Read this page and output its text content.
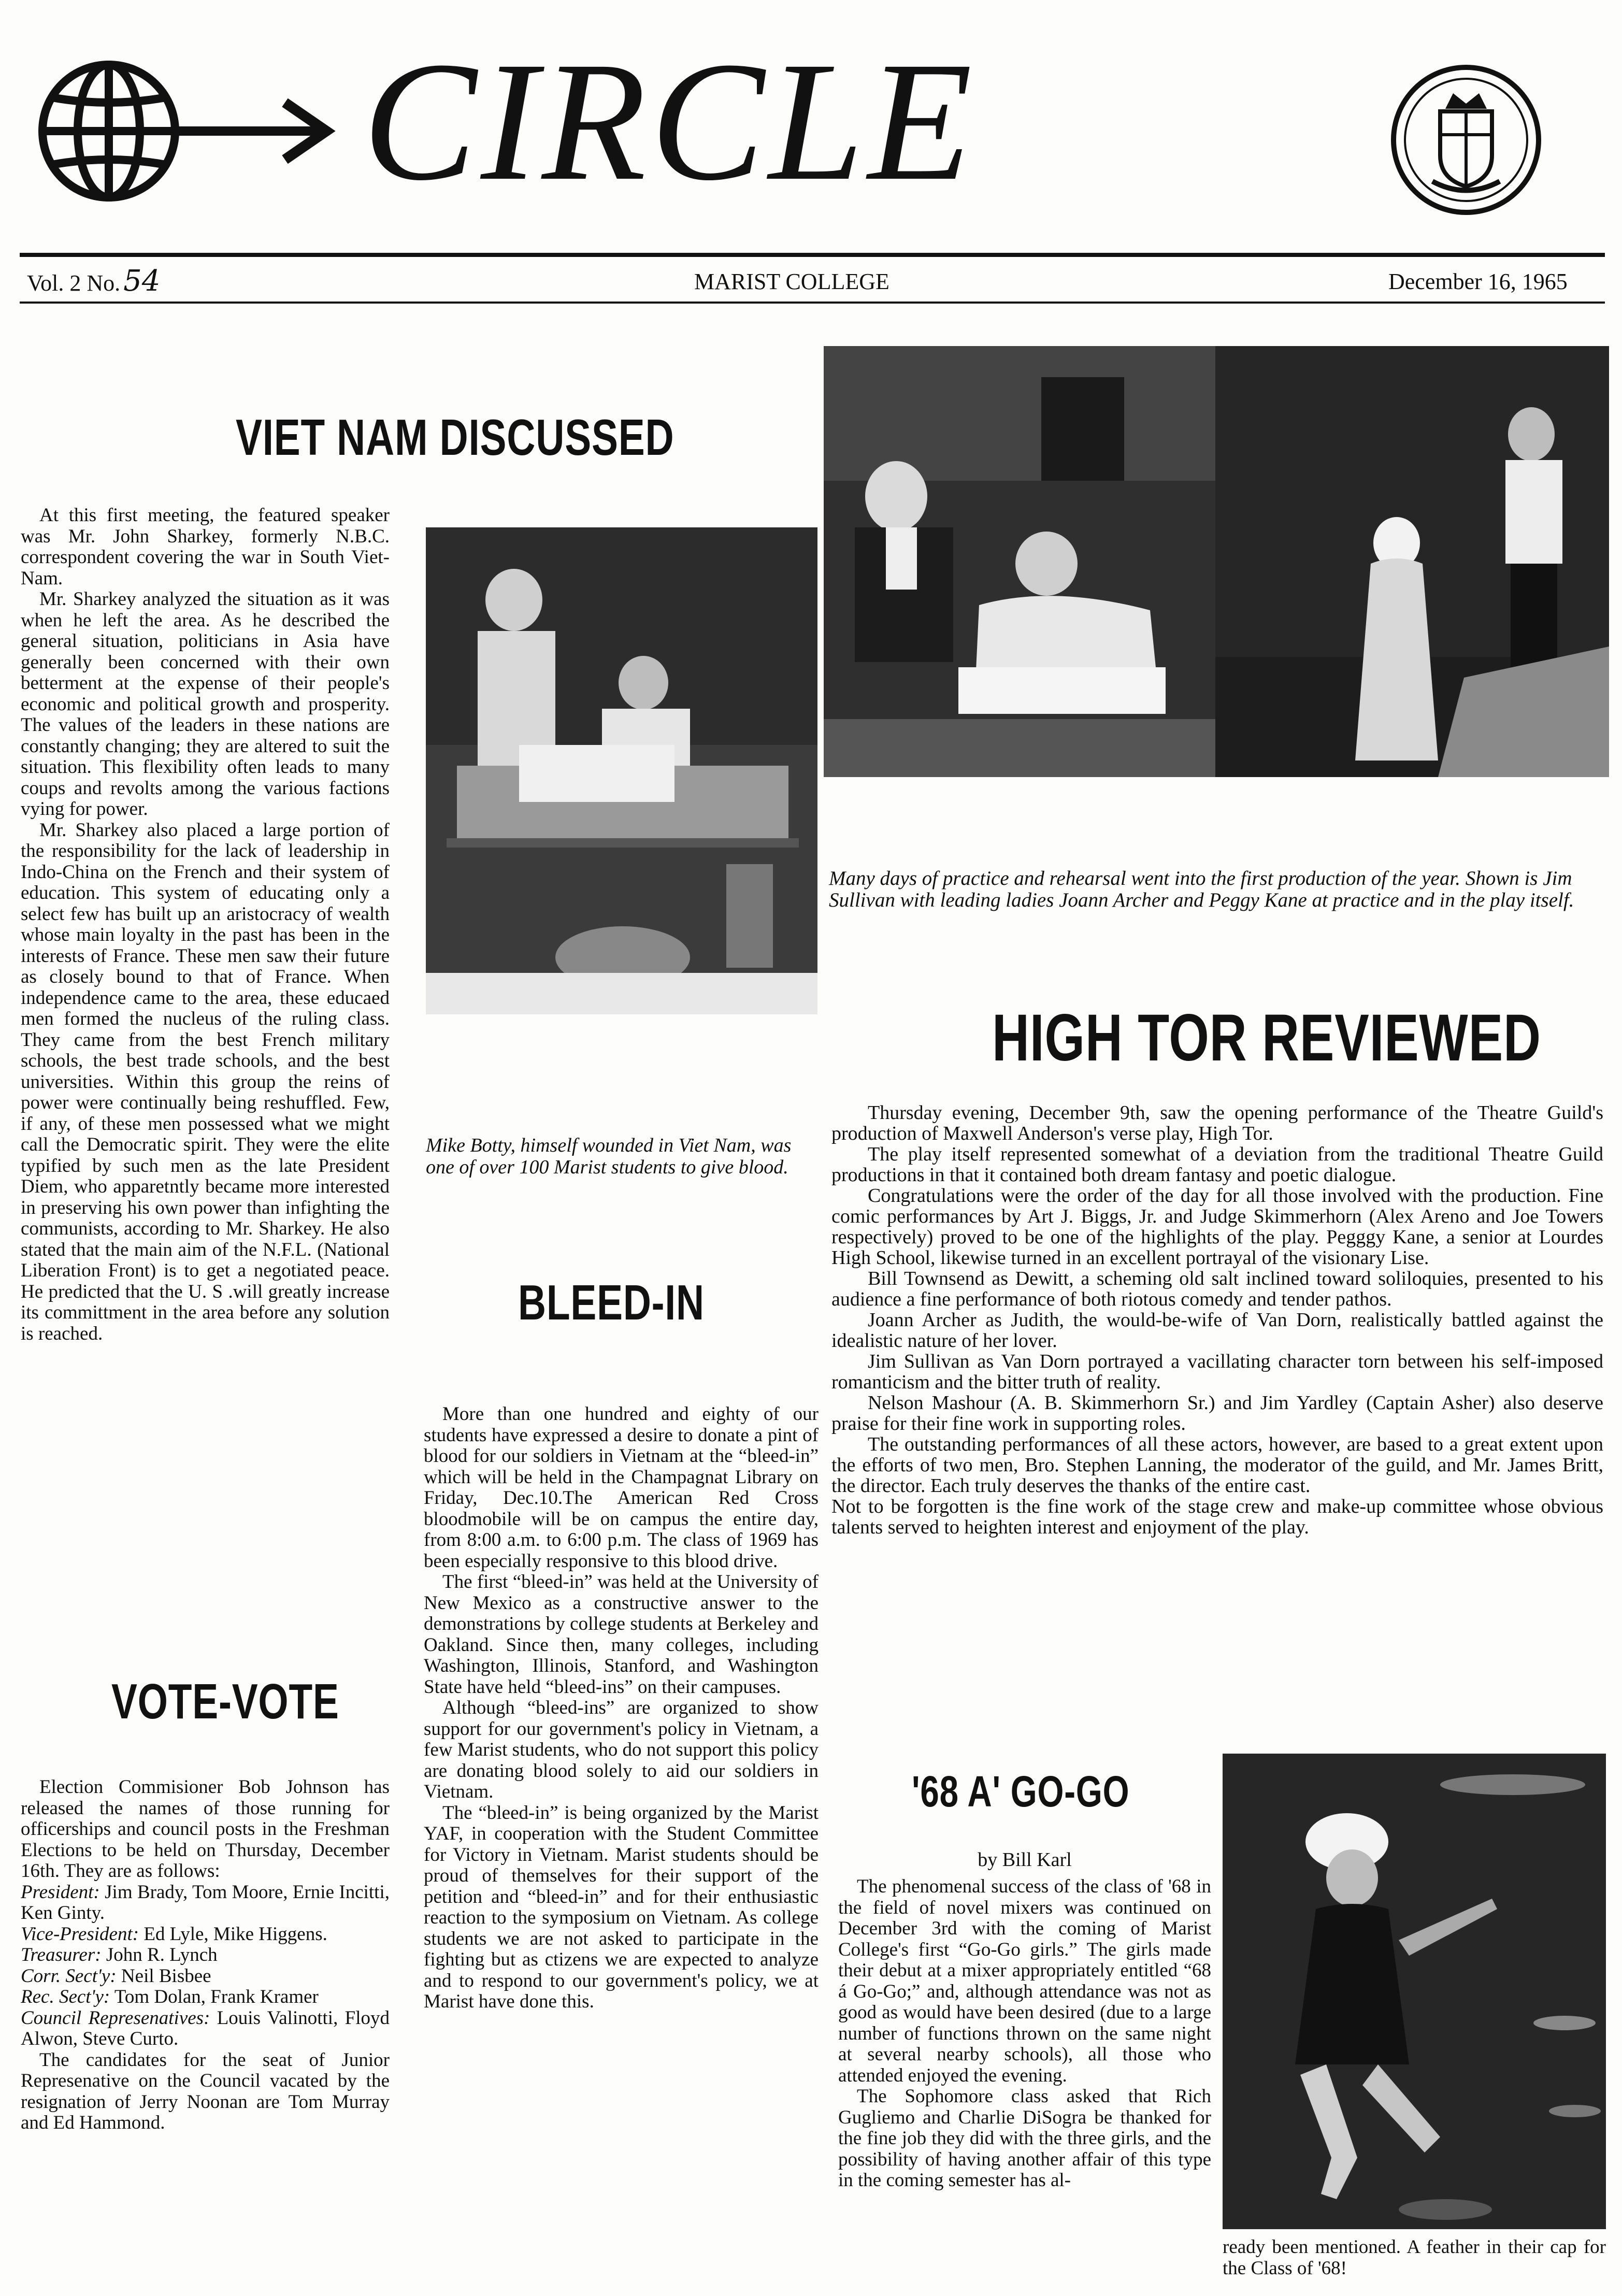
CIRCLE
Vol. 2 No. 54	MARIST COLLEGE	December 16, 1965
VIET NAM DISCUSSED

At this first meeting, the featured speaker was Mr. John Sharkey, formerly N.B.C. correspondent covering the war in South Viet-Nam.

Mr. Sharkey analyzed the situation as it was when he left the area. As he described the general situation, politicians in Asia have generally been concerned with their own betterment at the expense of their people's economic and political growth and prosperity. The values of the leaders in these nations are constantly changing; they are altered to suit the situation. This flexibility often leads to many coups and revolts among the various factions vying for power.

Mr. Sharkey also placed a large portion of the responsibility for the lack of leadership in Indo-China on the French and their system of education. This system of educating only a select few has built up an aristocracy of wealth whose main loyalty in the past has been in the interests of France. These men saw their future as closely bound to that of France. When independence came to the area, these educaed men formed the nucleus of the ruling class. They came from the best French military schools, the best trade schools, and the best universities. Within this group the reins of power were continually being reshuffled. Few, if any, of these men possessed what we might call the Democratic spirit. They were the elite typified by such men as the late President Diem, who apparetntly became more interested in preserving his own power than infighting the communists, according to Mr. Sharkey. He also stated that the main aim of the N.F.L. (National Liberation Front) is to get a negotiated peace. He predicted that the U. S .will greatly increase its committment in the area before any solution is reached.

Mike Botty, himself wounded in Viet Nam, was one of over 100 Marist students to give blood.
Many days of practice and rehearsal went into the first production of the year. Shown is Jim Sullivan with leading ladies Joann Archer and Peggy Kane at practice and in the play itself.
HIGH TOR REVIEWED

Thursday evening, December 9th, saw the opening performance of the Theatre Guild's production of Maxwell Anderson's verse play, High Tor.

The play itself represented somewhat of a deviation from the traditional Theatre Guild productions in that it contained both dream fantasy and poetic dialogue.

Congratulations were the order of the day for all those involved with the production. Fine comic performances by Art J. Biggs, Jr. and Judge Skimmerhorn (Alex Areno and Joe Towers respectively) proved to be one of the highlights of the play. Pegggy Kane, a senior at Lourdes High School, likewise turned in an excellent portrayal of the visionary Lise.

Bill Townsend as Dewitt, a scheming old salt inclined toward soliloquies, presented to his audience a fine performance of both riotous comedy and tender pathos.

Joann Archer as Judith, the would-be-wife of Van Dorn, realistically battled against the idealistic nature of her lover.

Jim Sullivan as Van Dorn portrayed a vacillating character torn between his self-imposed romanticism and the bitter truth of reality.

Nelson Mashour (A. B. Skimmerhorn Sr.) and Jim Yardley (Captain Asher) also deserve praise for their fine work in supporting roles.

The outstanding performances of all these actors, however, are based to a great extent upon the efforts of two men, Bro. Stephen Lanning, the moderator of the guild, and Mr. James Britt, the director. Each truly deserves the thanks of the entire cast.

Not to be forgotten is the fine work of the stage crew and make-up committee whose obvious talents served to heighten interest and enjoyment of the play.

BLEED-IN

More than one hundred and eighty of our students have expressed a desire to donate a pint of blood for our soldiers in Vietnam at the “bleed-in” which will be held in the Champagnat Library on Friday, Dec.10.The American Red Cross bloodmobile will be on campus the entire day, from 8:00 a.m. to 6:00 p.m. The class of 1969 has been especially responsive to this blood drive.

The first “bleed-in” was held at the University of New Mexico as a constructive answer to the demonstrations by college students at Berkeley and Oakland. Since then, many colleges, including Washington, Illinois, Stanford, and Washington State have held “bleed-ins” on their campuses.

Although “bleed-ins” are organized to show support for our government's policy in Vietnam, a few Marist students, who do not support this policy are donating blood solely to aid our soldiers in Vietnam.

The “bleed-in” is being organized by the Marist YAF, in cooperation with the Student Committee for Victory in Vietnam. Marist students should be proud of themselves for their support of the petition and “bleed-in” and for their enthusiastic reaction to the symposium on Vietnam. As college students we are not asked to participate in the fighting but as ctizens we are expected to analyze and to respond to our government's policy, we at Marist have done this.

VOTE-VOTE

Election Commisioner Bob Johnson has released the names of those running for officerships and council posts in the Freshman Elections to be held on Thursday, December 16th. They are as follows:

President: Jim Brady, Tom Moore, Ernie Incitti, Ken Ginty.

Vice-President: Ed Lyle, Mike Higgens.

Treasurer: John R. Lynch

Corr. Sect'y: Neil Bisbee

Rec. Sect'y: Tom Dolan, Frank Kramer

Council Represenatives: Louis Valinotti, Floyd Alwon, Steve Curto.

The candidates for the seat of Junior Represenative on the Council vacated by the resignation of Jerry Noonan are Tom Murray and Ed Hammond.

'68 A' GO-GO
by Bill Karl

The phenomenal success of the class of '68 in the field of novel mixers was continued on December 3rd with the coming of Marist College's first “Go-Go girls.” The girls made their debut at a mixer appropriately entitled “68 á Go-Go;” and, although attendance was not as good as would have been desired (due to a large number of functions thrown on the same night at several nearby schools), all those who attended enjoyed the evening.

The Sophomore class asked that Rich Gugliemo and Charlie DiSogra be thanked for the fine job they did with the three girls, and the possibility of having another affair of this type in the coming semester has al-

ready been mentioned. A feather in their cap for the Class of '68!
